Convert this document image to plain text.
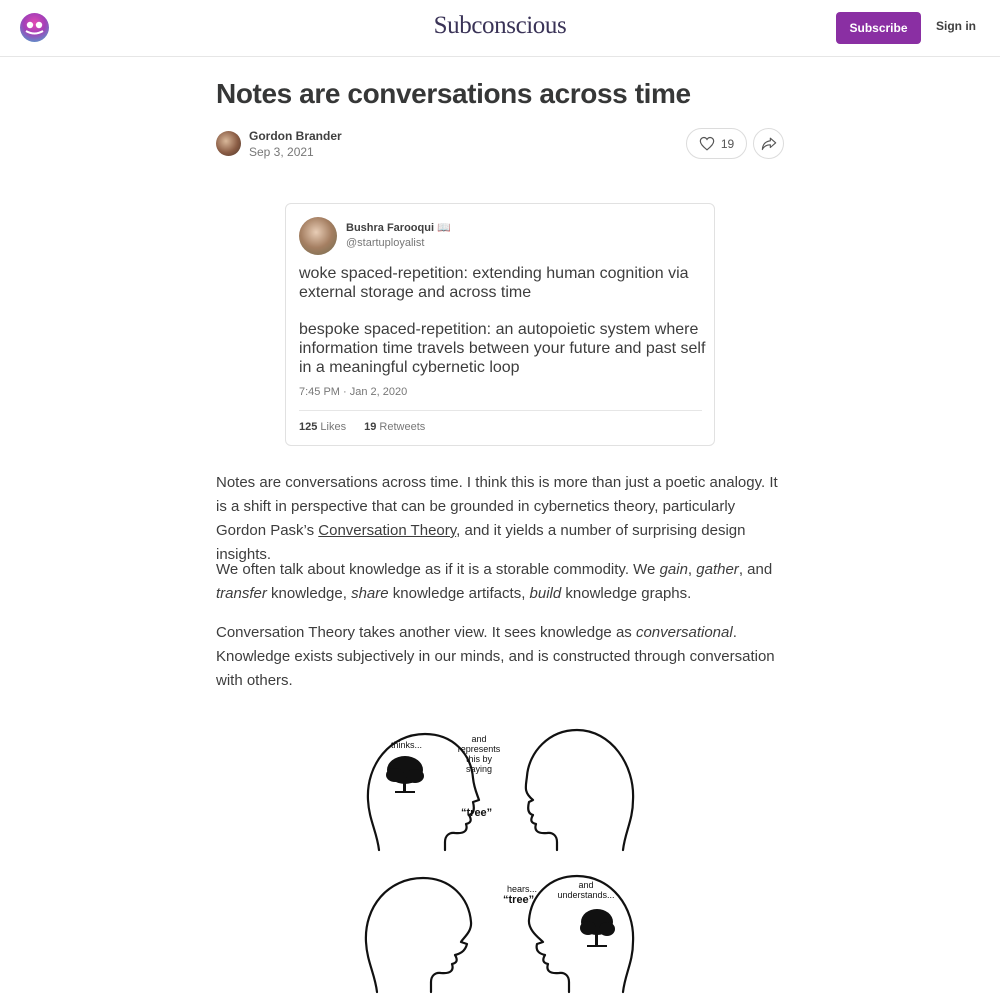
Subconscious	Subscribe	Sign in
Notes are conversations across time
Gordon Brander
Sep 3, 2021
19
Bushra Farooqui 📖
@startuployalist

woke spaced-repetition: extending human cognition via external storage and across time

bespoke spaced-repetition: an autopoietic system where information time travels between your future and past self in a meaningful cybernetic loop

7:45 PM · Jan 2, 2020
125 Likes 19 Retweets

Notes are conversations across time. I think this is more than just a poetic analogy. It is a shift in perspective that can be grounded in cybernetics theory, particularly Gordon Pask’s Conversation Theory, and it yields a number of surprising design insights.

We often talk about knowledge as if it is a storable commodity. We gain, gather, and transfer knowledge, share knowledge artifacts, build knowledge graphs.

Conversation Theory takes another view. It sees knowledge as conversational. Knowledge exists subjectively in our minds, and is constructed through conversation with others.

thinks...
and
represents
this by
saying
“tree”
hears...
“tree”
and
understands...
